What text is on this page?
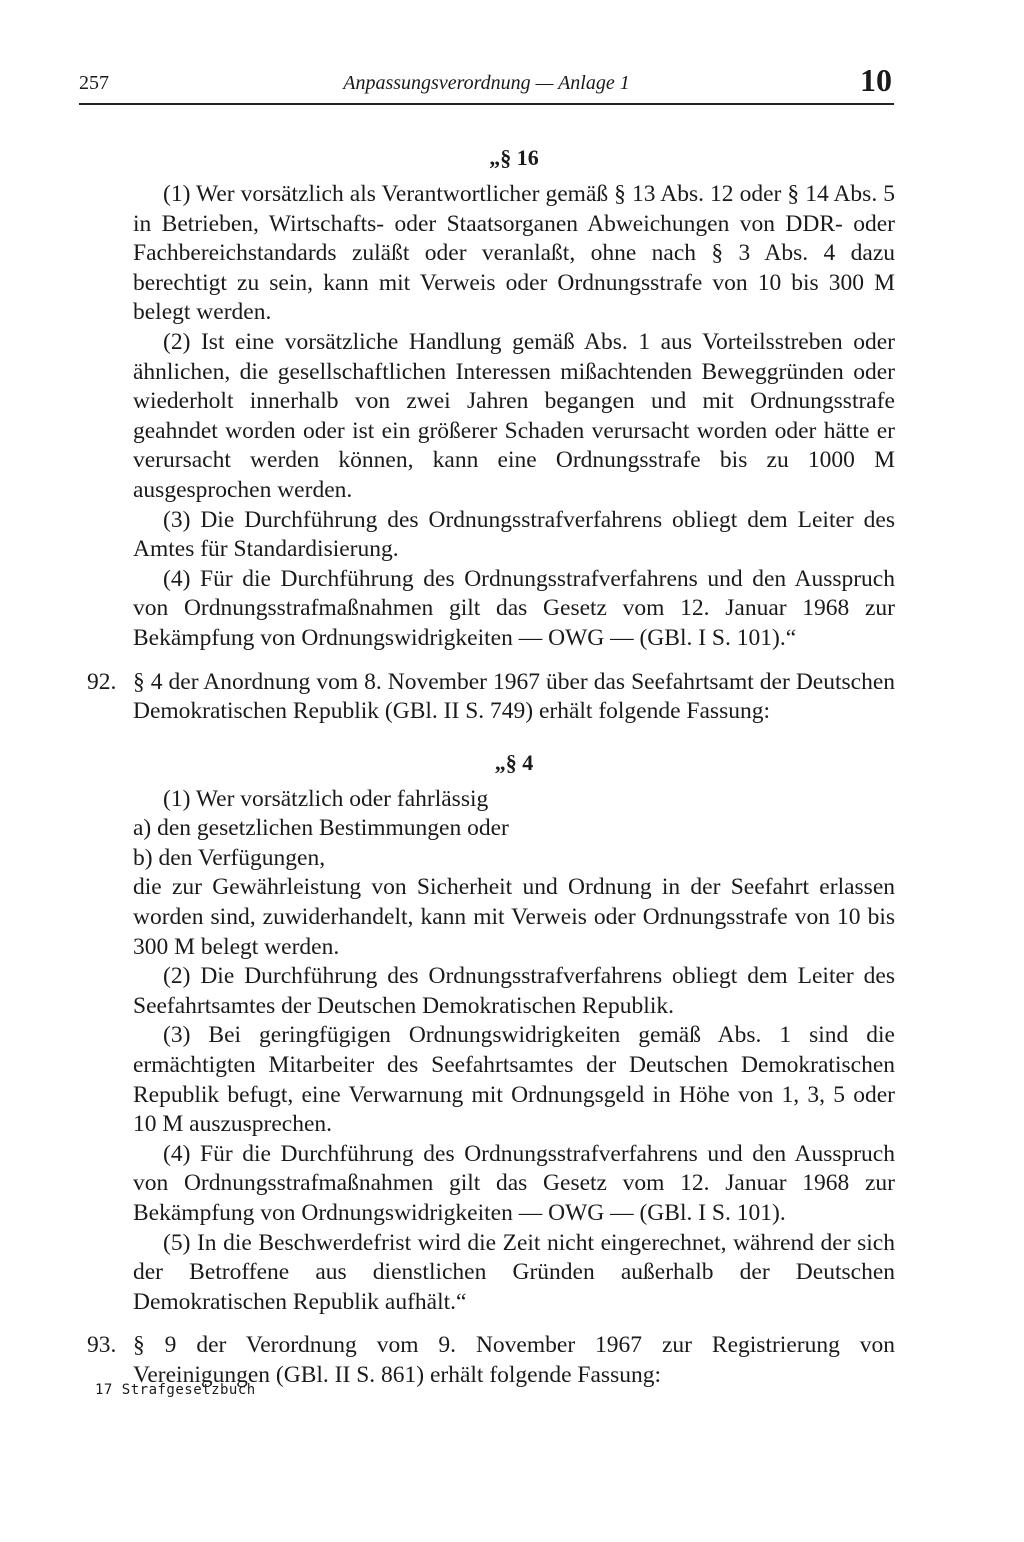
257	Anpassungsverordnung — Anlage 1	10

„§ 16

(1) Wer vorsätzlich als Verantwortlicher gemäß § 13 Abs. 12 oder § 14 Abs. 5 in Betrieben, Wirtschafts- oder Staatsorganen Abweichungen von DDR- oder Fachbereichstandards zuläßt oder veranlaßt, ohne nach § 3 Abs. 4 dazu berechtigt zu sein, kann mit Verweis oder Ordnungsstrafe von 10 bis 300 M belegt werden.

(2) Ist eine vorsätzliche Handlung gemäß Abs. 1 aus Vorteilsstreben oder ähnlichen, die gesellschaftlichen Interessen mißachtenden Beweggründen oder wiederholt innerhalb von zwei Jahren begangen und mit Ordnungsstrafe geahndet worden oder ist ein größerer Schaden verursacht worden oder hätte er verursacht werden können, kann eine Ordnungsstrafe bis zu 1000 M ausgesprochen werden.

(3) Die Durchführung des Ordnungsstrafverfahrens obliegt dem Leiter des Amtes für Standardisierung.

(4) Für die Durchführung des Ordnungsstrafverfahrens und den Ausspruch von Ordnungsstrafmaßnahmen gilt das Gesetz vom 12. Januar 1968 zur Bekämpfung von Ordnungswidrigkeiten — OWG — (GBl. I S. 101).“

92. § 4 der Anordnung vom 8. November 1967 über das Seefahrtsamt der Deutschen Demokratischen Republik (GBl. II S. 749) erhält folgende Fassung:

„§ 4

(1) Wer vorsätzlich oder fahrlässig

a) den gesetzlichen Bestimmungen oder

b) den Verfügungen,

die zur Gewährleistung von Sicherheit und Ordnung in der Seefahrt erlassen worden sind, zuwiderhandelt, kann mit Verweis oder Ordnungsstrafe von 10 bis 300 M belegt werden.

(2) Die Durchführung des Ordnungsstrafverfahrens obliegt dem Leiter des Seefahrtsamtes der Deutschen Demokratischen Republik.

(3) Bei geringfügigen Ordnungswidrigkeiten gemäß Abs. 1 sind die ermächtigten Mitarbeiter des Seefahrtsamtes der Deutschen Demokratischen Republik befugt, eine Verwarnung mit Ordnungsgeld in Höhe von 1, 3, 5 oder 10 M auszusprechen.

(4) Für die Durchführung des Ordnungsstrafverfahrens und den Ausspruch von Ordnungsstrafmaßnahmen gilt das Gesetz vom 12. Januar 1968 zur Bekämpfung von Ordnungswidrigkeiten — OWG — (GBl. I S. 101).

(5) In die Beschwerdefrist wird die Zeit nicht eingerechnet, während der sich der Betroffene aus dienstlichen Gründen außerhalb der Deutschen Demokratischen Republik aufhält.“

93. § 9 der Verordnung vom 9. November 1967 zur Registrierung von Vereinigungen (GBl. II S. 861) erhält folgende Fassung:

17 Strafgesetzbuch
